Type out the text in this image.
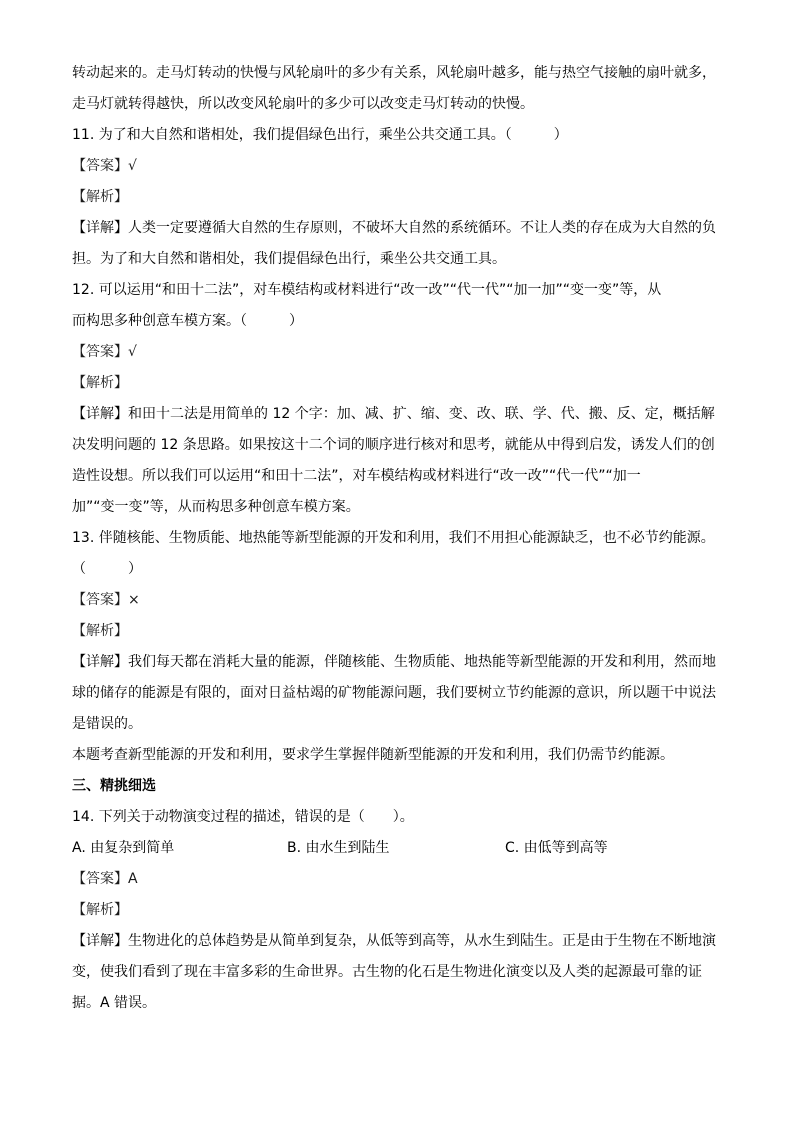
转动起来的。走马灯转动的快慢与风轮扇叶的多少有关系，风轮扇叶越多，能与热空气接触的扇叶就多，
走马灯就转得越快，所以改变风轮扇叶的多少可以改变走马灯转动的快慢。
11. 为了和大自然和谐相处，我们提倡绿色出行，乘坐公共交通工具。（　　　）
【答案】√
【解析】
【详解】人类一定要遵循大自然的生存原则，不破坏大自然的系统循环。不让人类的存在成为大自然的负
担。为了和大自然和谐相处，我们提倡绿色出行，乘坐公共交通工具。
12. 可以运用“和田十二法”，对车模结构或材料进行“改一改”“代一代”“加一加”“变一变”等，从
而构思多种创意车模方案。（　　　）
【答案】√
【解析】
【详解】和田十二法是用简单的 12 个字：加、减、扩、缩、变、改、联、学、代、搬、反、定，概括解
决发明问题的 12 条思路。如果按这十二个词的顺序进行核对和思考，就能从中得到启发，诱发人们的创
造性设想。所以我们可以运用“和田十二法”，对车模结构或材料进行“改一改”“代一代”“加一
加”“变一变”等，从而构思多种创意车模方案。
13. 伴随核能、生物质能、地热能等新型能源的开发和利用，我们不用担心能源缺乏，也不必节约能源。
（　　　）
【答案】×
【解析】
【详解】我们每天都在消耗大量的能源，伴随核能、生物质能、地热能等新型能源的开发和利用，然而地
球的储存的能源是有限的，面对日益枯竭的矿物能源问题，我们要树立节约能源的意识，所以题干中说法
是错误的。
本题考查新型能源的开发和利用，要求学生掌握伴随新型能源的开发和利用，我们仍需节约能源。
三、精挑细选
14. 下列关于动物演变过程的描述，错误的是（　　）。
A. 由复杂到简单	B. 由水生到陆生	C. 由低等到高等
【答案】A
【解析】
【详解】生物进化的总体趋势是从简单到复杂，从低等到高等，从水生到陆生。正是由于生物在不断地演
变，使我们看到了现在丰富多彩的生命世界。古生物的化石是生物进化演变以及人类的起源最可靠的证
据。A 错误。
